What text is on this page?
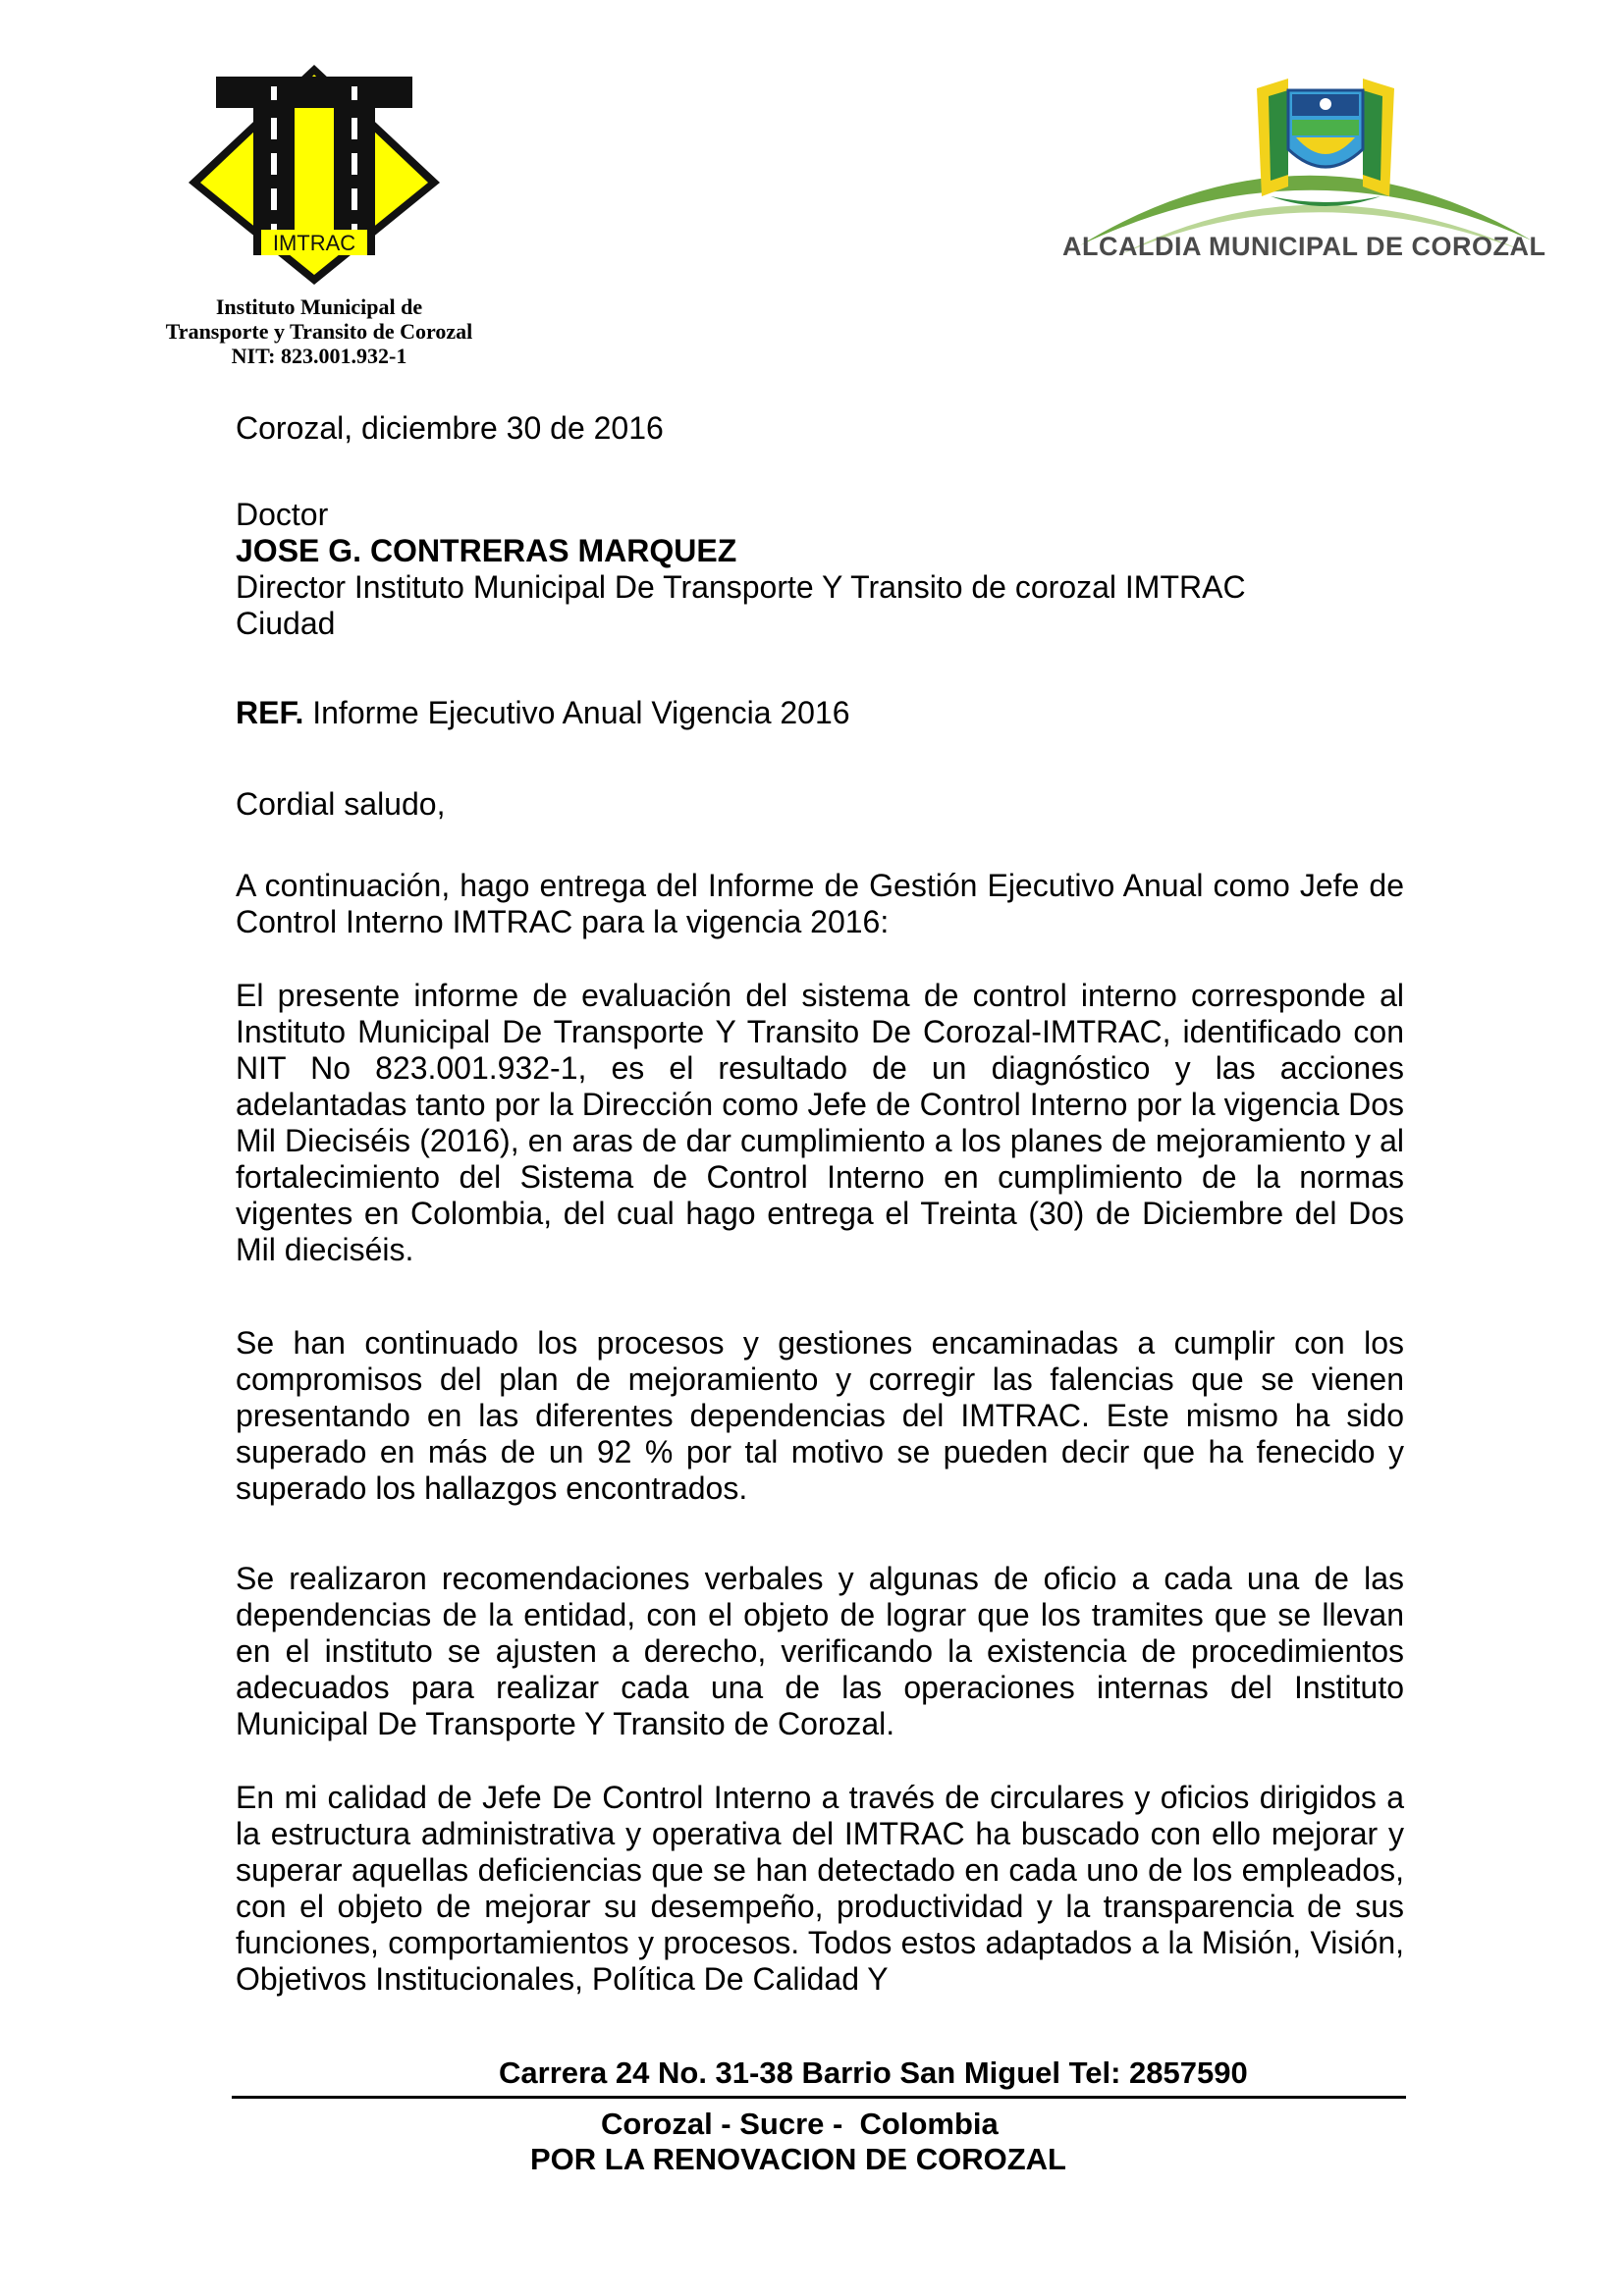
IMTRAC
Instituto Municipal de
Transporte y Transito de Corozal
NIT: 823.001.932-1
ALCALDIA MUNICIPAL DE COROZAL
Corozal, diciembre 30 de 2016
Doctor
JOSE G. CONTRERAS MARQUEZ
Director Instituto Municipal De Transporte Y Transito de corozal IMTRAC
Ciudad
REF. Informe Ejecutivo Anual Vigencia 2016
Cordial saludo,
A continuación, hago entrega del Informe de Gestión Ejecutivo Anual como Jefe de Control Interno IMTRAC para la vigencia 2016:
El presente informe de evaluación del sistema de control interno corresponde al Instituto Municipal De Transporte Y Transito De Corozal-IMTRAC, identificado con NIT No 823.001.932-1, es el resultado de un diagnóstico y las acciones adelantadas tanto por la Dirección como Jefe de Control Interno por la vigencia Dos Mil Dieciséis (2016), en aras de dar cumplimiento a los planes de mejoramiento y al fortalecimiento del Sistema de Control Interno en cumplimiento de la normas vigentes en Colombia, del cual hago entrega el Treinta (30) de Diciembre del Dos Mil dieciséis.
Se han continuado los procesos y gestiones encaminadas a cumplir con los compromisos del plan de mejoramiento y corregir las falencias que se vienen presentando en las diferentes dependencias del IMTRAC. Este mismo ha sido superado en más de un 92 % por tal motivo se pueden decir que ha fenecido y superado los hallazgos encontrados.
Se realizaron recomendaciones verbales y algunas de oficio a cada una de las dependencias de la entidad, con el objeto de lograr que los tramites que se llevan en el instituto se ajusten a derecho, verificando la existencia de procedimientos adecuados para realizar cada una de las operaciones internas del Instituto Municipal De Transporte Y Transito de Corozal.
En mi calidad de Jefe De Control Interno a través de circulares y oficios dirigidos a la estructura administrativa y operativa del IMTRAC ha buscado con ello mejorar y superar aquellas deficiencias que se han detectado en cada uno de los empleados, con el objeto de mejorar su desempeño, productividad y la transparencia de sus funciones, comportamientos y procesos. Todos estos adaptados a la Misión, Visión, Objetivos Institucionales, Política De Calidad Y
Carrera 24 No. 31-38 Barrio San Miguel Tel: 2857590
Corozal - Sucre -  Colombia
POR LA RENOVACION DE COROZAL
